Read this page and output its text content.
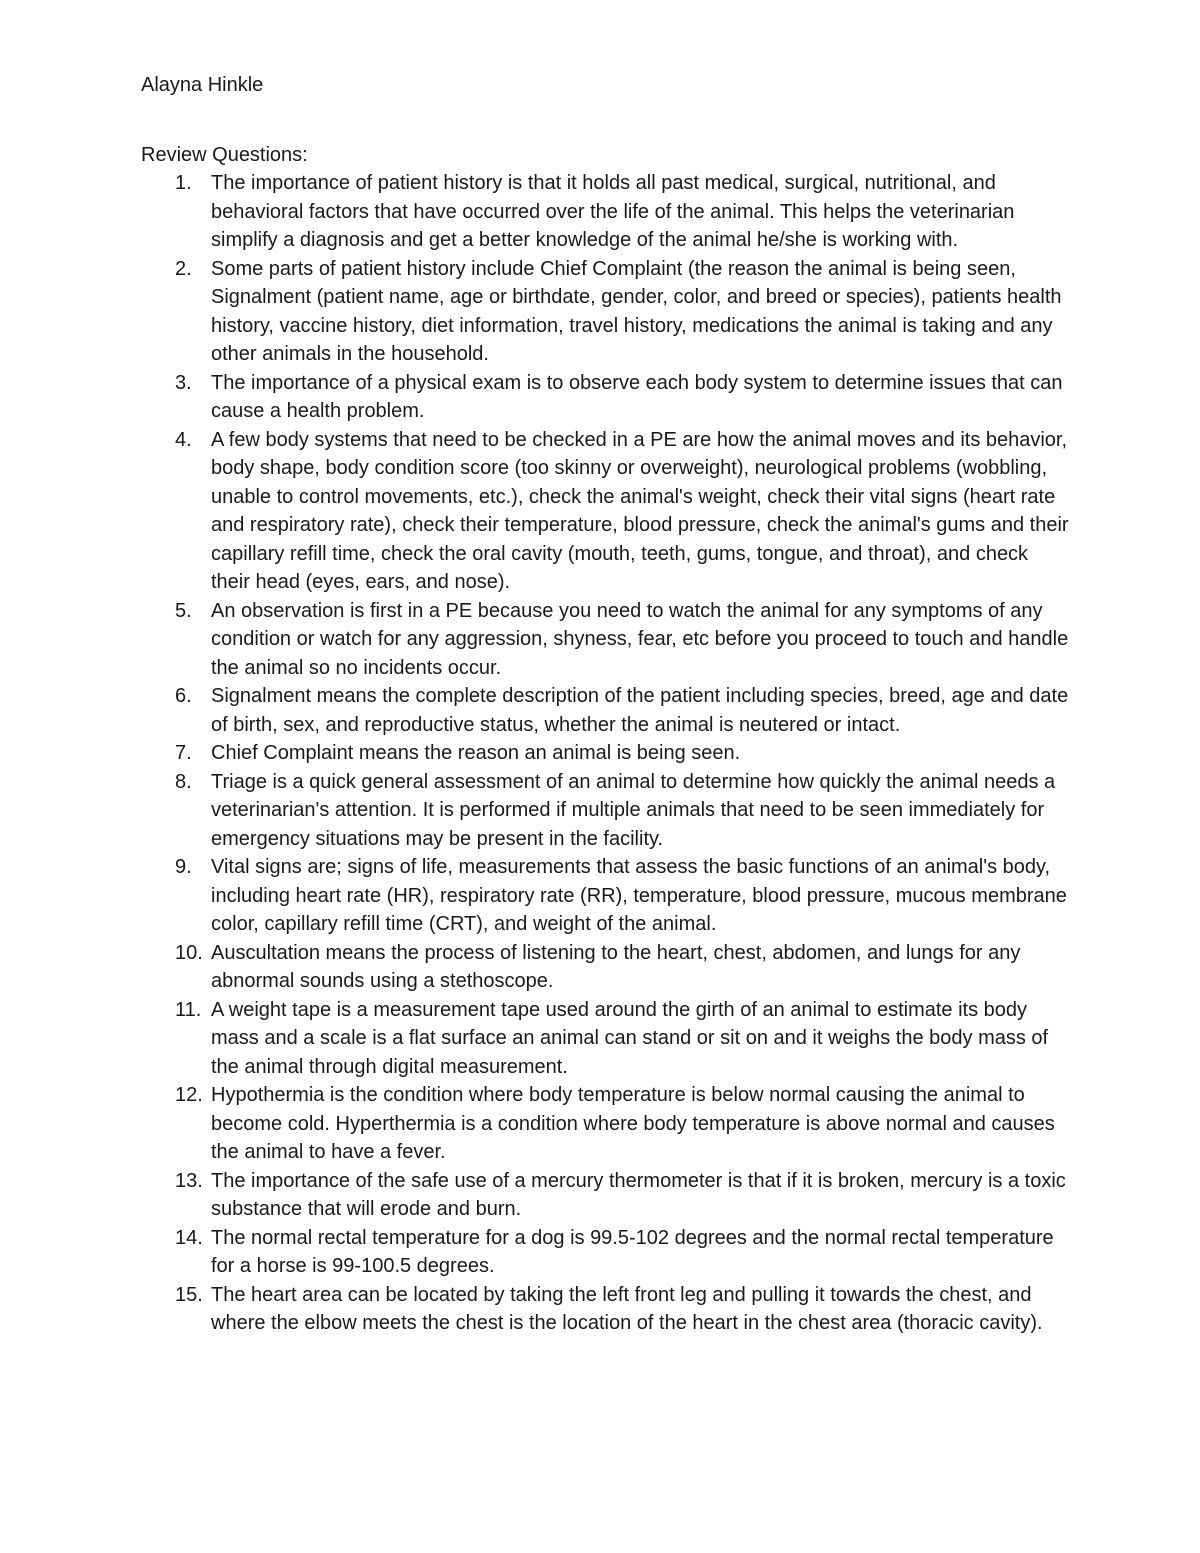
Alayna Hinkle

Review Questions:

1. The importance of patient history is that it holds all past medical, surgical, nutritional, and behavioral factors that have occurred over the life of the animal. This helps the veterinarian simplify a diagnosis and get a better knowledge of the animal he/she is working with.
2. Some parts of patient history include Chief Complaint (the reason the animal is being seen, Signalment (patient name, age or birthdate, gender, color, and breed or species), patients health history, vaccine history, diet information, travel history, medications the animal is taking and any other animals in the household.
3. The importance of a physical exam is to observe each body system to determine issues that can cause a health problem.
4. A few body systems that need to be checked in a PE are how the animal moves and its behavior, body shape, body condition score (too skinny or overweight), neurological problems (wobbling, unable to control movements, etc.), check the animal's weight, check their vital signs (heart rate and respiratory rate), check their temperature, blood pressure, check the animal's gums and their capillary refill time, check the oral cavity (mouth, teeth, gums, tongue, and throat), and check their head (eyes, ears, and nose).
5. An observation is first in a PE because you need to watch the animal for any symptoms of any condition or watch for any aggression, shyness, fear, etc before you proceed to touch and handle the animal so no incidents occur.
6. Signalment means the complete description of the patient including species, breed, age and date of birth, sex, and reproductive status, whether the animal is neutered or intact.
7. Chief Complaint means the reason an animal is being seen.
8. Triage is a quick general assessment of an animal to determine how quickly the animal needs a veterinarian's attention. It is performed if multiple animals that need to be seen immediately for emergency situations may be present in the facility.
9. Vital signs are; signs of life, measurements that assess the basic functions of an animal's body, including heart rate (HR), respiratory rate (RR), temperature, blood pressure, mucous membrane color, capillary refill time (CRT), and weight of the animal.
10. Auscultation means the process of listening to the heart, chest, abdomen, and lungs for any abnormal sounds using a stethoscope.
11. A weight tape is a measurement tape used around the girth of an animal to estimate its body mass and a scale is a flat surface an animal can stand or sit on and it weighs the body mass of the animal through digital measurement.
12. Hypothermia is the condition where body temperature is below normal causing the animal to become cold. Hyperthermia is a condition where body temperature is above normal and causes the animal to have a fever.
13. The importance of the safe use of a mercury thermometer is that if it is broken, mercury is a toxic substance that will erode and burn.
14. The normal rectal temperature for a dog is 99.5-102 degrees and the normal rectal temperature for a horse is 99-100.5 degrees.
15. The heart area can be located by taking the left front leg and pulling it towards the chest, and where the elbow meets the chest is the location of the heart in the chest area (thoracic cavity).
